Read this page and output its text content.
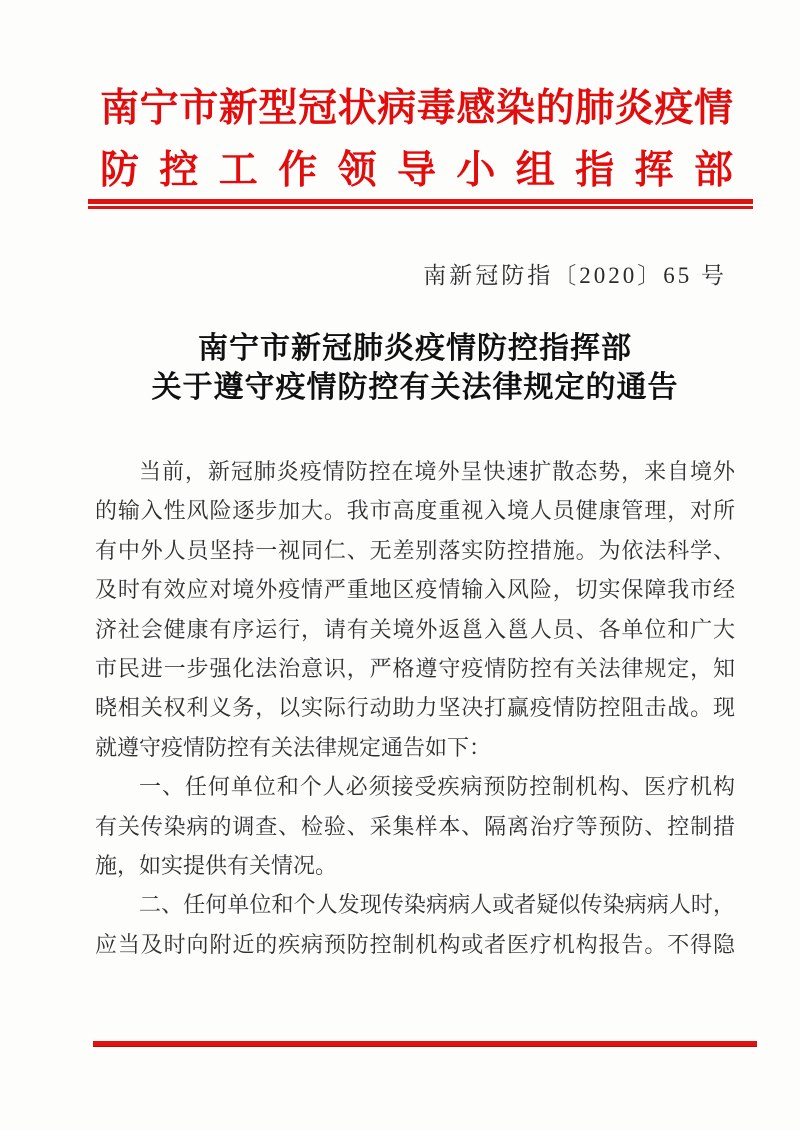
南宁市新型冠状病毒感染的肺炎疫情
防控工作领导小组指挥部
南新冠防指〔2020〕65 号
南宁市新冠肺炎疫情防控指挥部
关于遵守疫情防控有关法律规定的通告
当前，新冠肺炎疫情防控在境外呈快速扩散态势，来自境外
的输入性风险逐步加大。我市高度重视入境人员健康管理，对所
有中外人员坚持一视同仁、无差别落实防控措施。为依法科学、
及时有效应对境外疫情严重地区疫情输入风险，切实保障我市经
济社会健康有序运行，请有关境外返邕入邕人员、各单位和广大
市民进一步强化法治意识，严格遵守疫情防控有关法律规定，知
晓相关权利义务，以实际行动助力坚决打赢疫情防控阻击战。现
就遵守疫情防控有关法律规定通告如下：
一、任何单位和个人必须接受疾病预防控制机构、医疗机构
有关传染病的调查、检验、采集样本、隔离治疗等预防、控制措
施，如实提供有关情况。
二、任何单位和个人发现传染病病人或者疑似传染病病人时，
应当及时向附近的疾病预防控制机构或者医疗机构报告。不得隐
